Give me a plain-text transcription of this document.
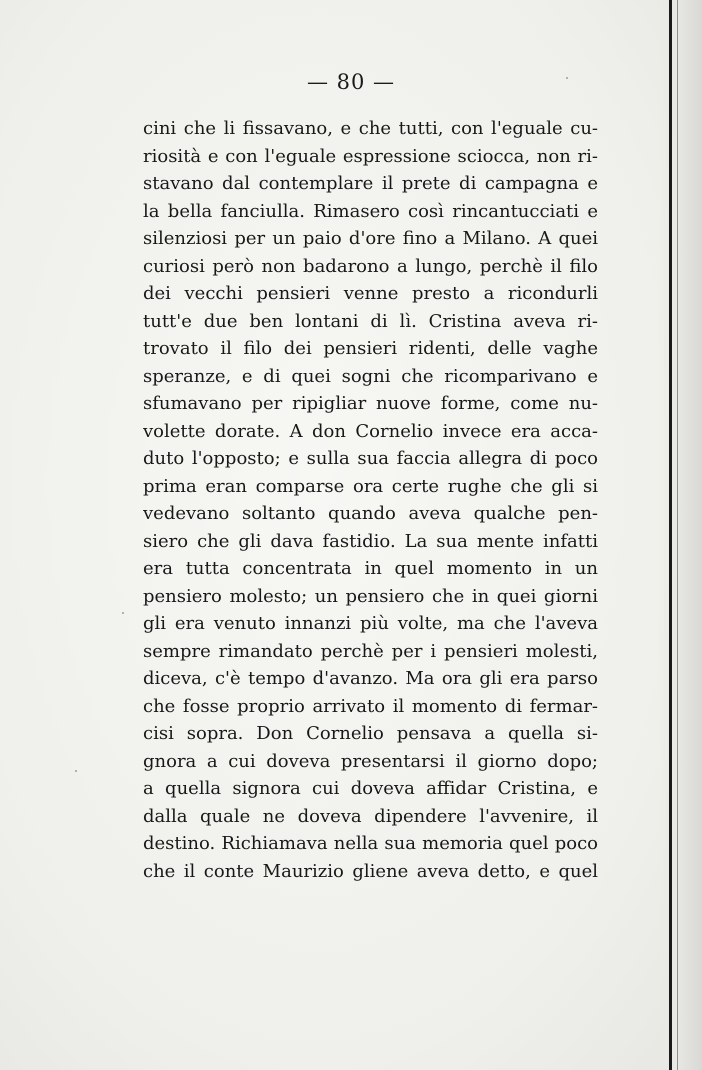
— 80 —
cini che li fissavano, e che tutti, con l'eguale cu-
riosità e con l'eguale espressione sciocca, non ri-
stavano dal contemplare il prete di campagna e
la bella fanciulla. Rimasero così rincantucciati e
silenziosi per un paio d'ore fino a Milano. A quei
curiosi però non badarono a lungo, perchè il filo
dei vecchi pensieri venne presto a ricondurli
tutt'e due ben lontani di lì. Cristina aveva ri-
trovato il filo dei pensieri ridenti, delle vaghe
speranze, e di quei sogni che ricomparivano e
sfumavano per ripigliar nuove forme, come nu-
volette dorate. A don Cornelio invece era acca-
duto l'opposto; e sulla sua faccia allegra di poco
prima eran comparse ora certe rughe che gli si
vedevano soltanto quando aveva qualche pen-
siero che gli dava fastidio. La sua mente infatti
era tutta concentrata in quel momento in un
pensiero molesto; un pensiero che in quei giorni
gli era venuto innanzi più volte, ma che l'aveva
sempre rimandato perchè per i pensieri molesti,
diceva, c'è tempo d'avanzo. Ma ora gli era parso
che fosse proprio arrivato il momento di fermar-
cisi sopra. Don Cornelio pensava a quella si-
gnora a cui doveva presentarsi il giorno dopo;
a quella signora cui doveva affidar Cristina, e
dalla quale ne doveva dipendere l'avvenire, il
destino. Richiamava nella sua memoria quel poco
che il conte Maurizio gliene aveva detto, e quel
